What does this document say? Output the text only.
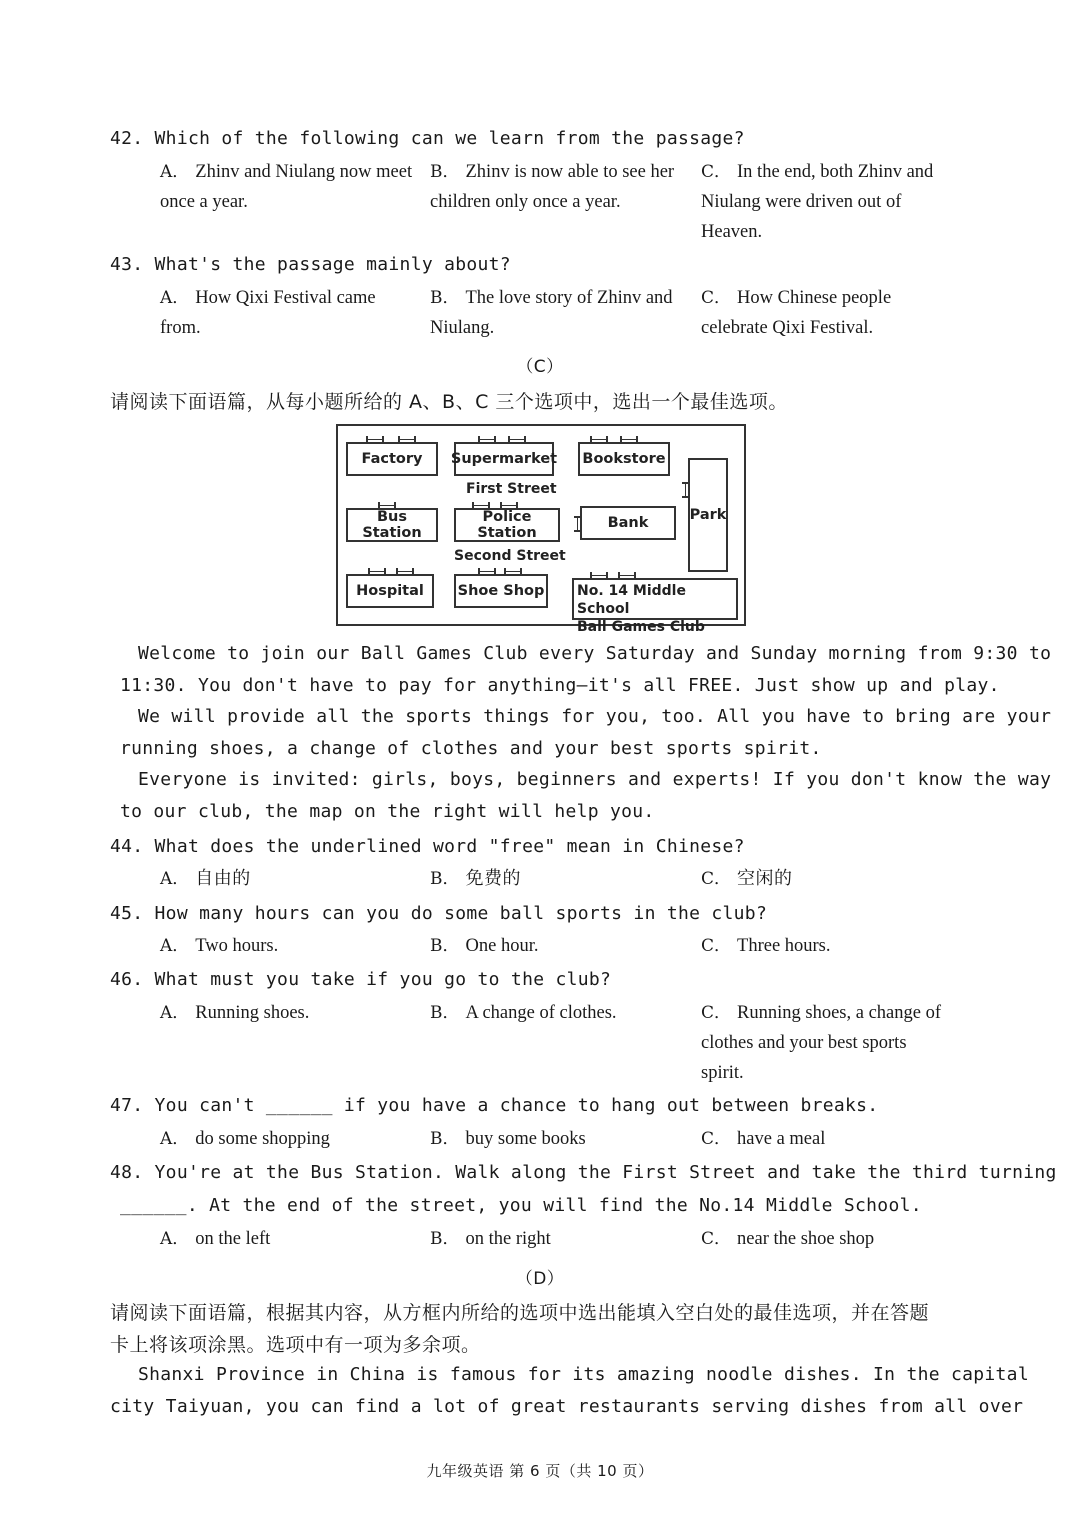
42. Which of the following can we learn from the passage?
A． Zhinv and Niulang now meet once a year.
B． Zhinv is now able to see her children only once a year.
C． In the end, both Zhinv and Niulang were driven out of Heaven.
43. What's the passage mainly about?
A． How Qixi Festival came from.
B． The love story of Zhinv and Niulang.
C． How Chinese people celebrate Qixi Festival.
（C）
请阅读下面语篇，从每小题所给的 A、B、C 三个选项中，选出一个最佳选项。
Factory	Supermarket	Bookstore
First Street
Bus Station
Police Station
Bank	Park
Second Street
Hospital	Shoe Shop No. 14 Middle School
Ball Games Club
Welcome to join our Ball Games Club every Saturday and Sunday morning from 9:30 to
11:30. You don't have to pay for anything—it's all FREE. Just show up and play.
We will provide all the sports things for you, too. All you have to bring are your
running shoes, a change of clothes and your best sports spirit.
Everyone is invited: girls, boys, beginners and experts! If you don't know the way
to our club, the map on the right will help you.
44. What does the underlined word "free" mean in Chinese?
A． 自由的	B． 免费的	C． 空闲的
45. How many hours can you do some ball sports in the club?
A． Two hours.	B． One hour.	C． Three hours.
46. What must you take if you go to the club?
A． Running shoes.	B． A change of clothes.	C． Running shoes, a change of clothes and your best sports spirit.
47. You can't ______ if you have a chance to hang out between breaks.
A． do some shopping	B． buy some books	C． have a meal
48. You're at the Bus Station. Walk along the First Street and take the third turning
______. At the end of the street, you will find the No.14 Middle School.
A． on the left	B． on the right	C． near the shoe shop
（D）
请阅读下面语篇，根据其内容，从方框内所给的选项中选出能填入空白处的最佳选项，并在答题
卡上将该项涂黑。选项中有一项为多余项。
Shanxi Province in China is famous for its amazing noodle dishes. In the capital
city Taiyuan, you can find a lot of great restaurants serving dishes from all over
九年级英语 第 6 页（共 10 页）
